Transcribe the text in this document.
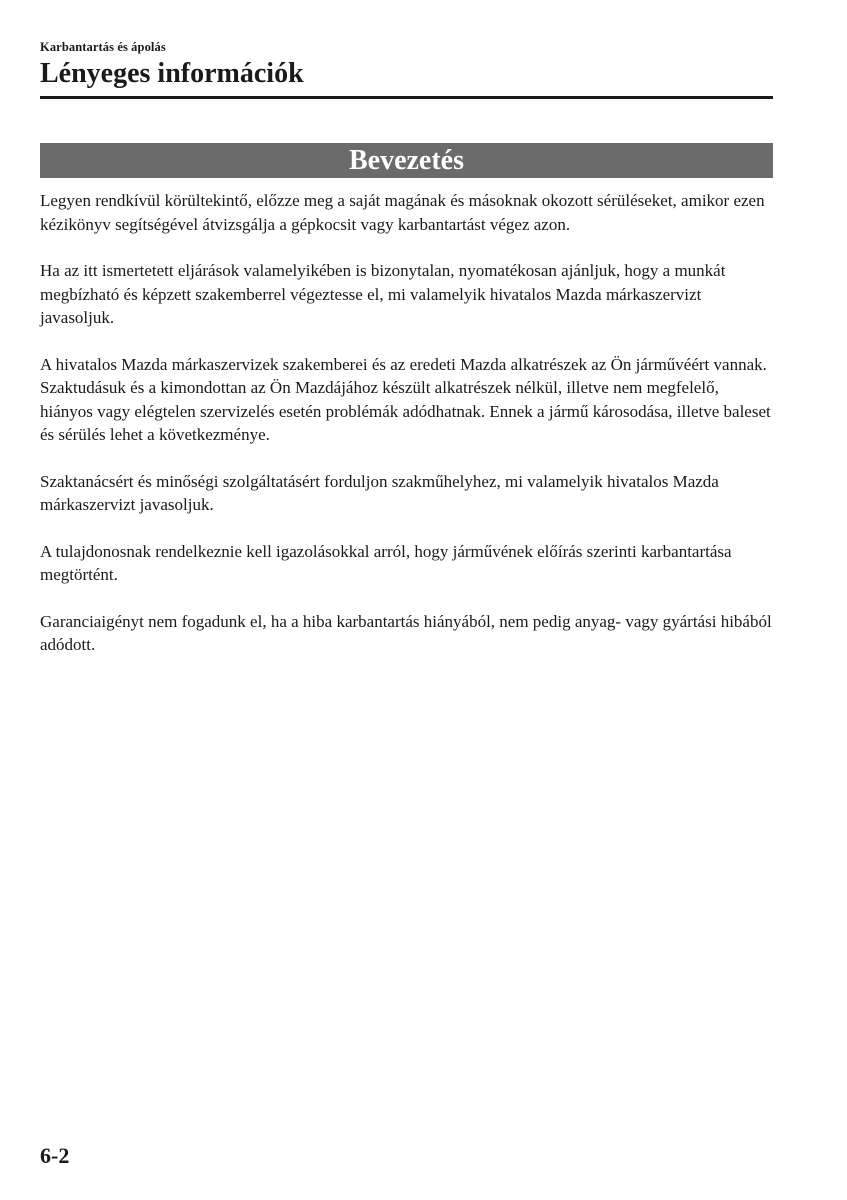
Karbantartás és ápolás
Lényeges információk
Bevezetés

Legyen rendkívül körültekintő, előzze meg a saját magának és másoknak okozott sérüléseket, amikor ezen kézikönyv segítségével átvizsgálja a gépkocsit vagy karbantartást végez azon.

Ha az itt ismertetett eljárások valamelyikében is bizonytalan, nyomatékosan ajánljuk, hogy a munkát megbízható és képzett szakemberrel végeztesse el, mi valamelyik hivatalos Mazda márkaszervizt javasoljuk.

A hivatalos Mazda márkaszervizek szakemberei és az eredeti Mazda alkatrészek az Ön járművéért vannak. Szaktudásuk és a kimondottan az Ön Mazdájához készült alkatrészek nélkül, illetve nem megfelelő, hiányos vagy elégtelen szervizelés esetén problémák adódhatnak. Ennek a jármű károsodása, illetve baleset és sérülés lehet a következménye.

Szaktanácsért és minőségi szolgáltatásért forduljon szakműhelyhez, mi valamelyik hivatalos Mazda márkaszervizt javasoljuk.

A tulajdonosnak rendelkeznie kell igazolásokkal arról, hogy járművének előírás szerinti karbantartása megtörtént.

Garanciaigényt nem fogadunk el, ha a hiba karbantartás hiányából, nem pedig anyag- vagy gyártási hibából adódott.

6-2
